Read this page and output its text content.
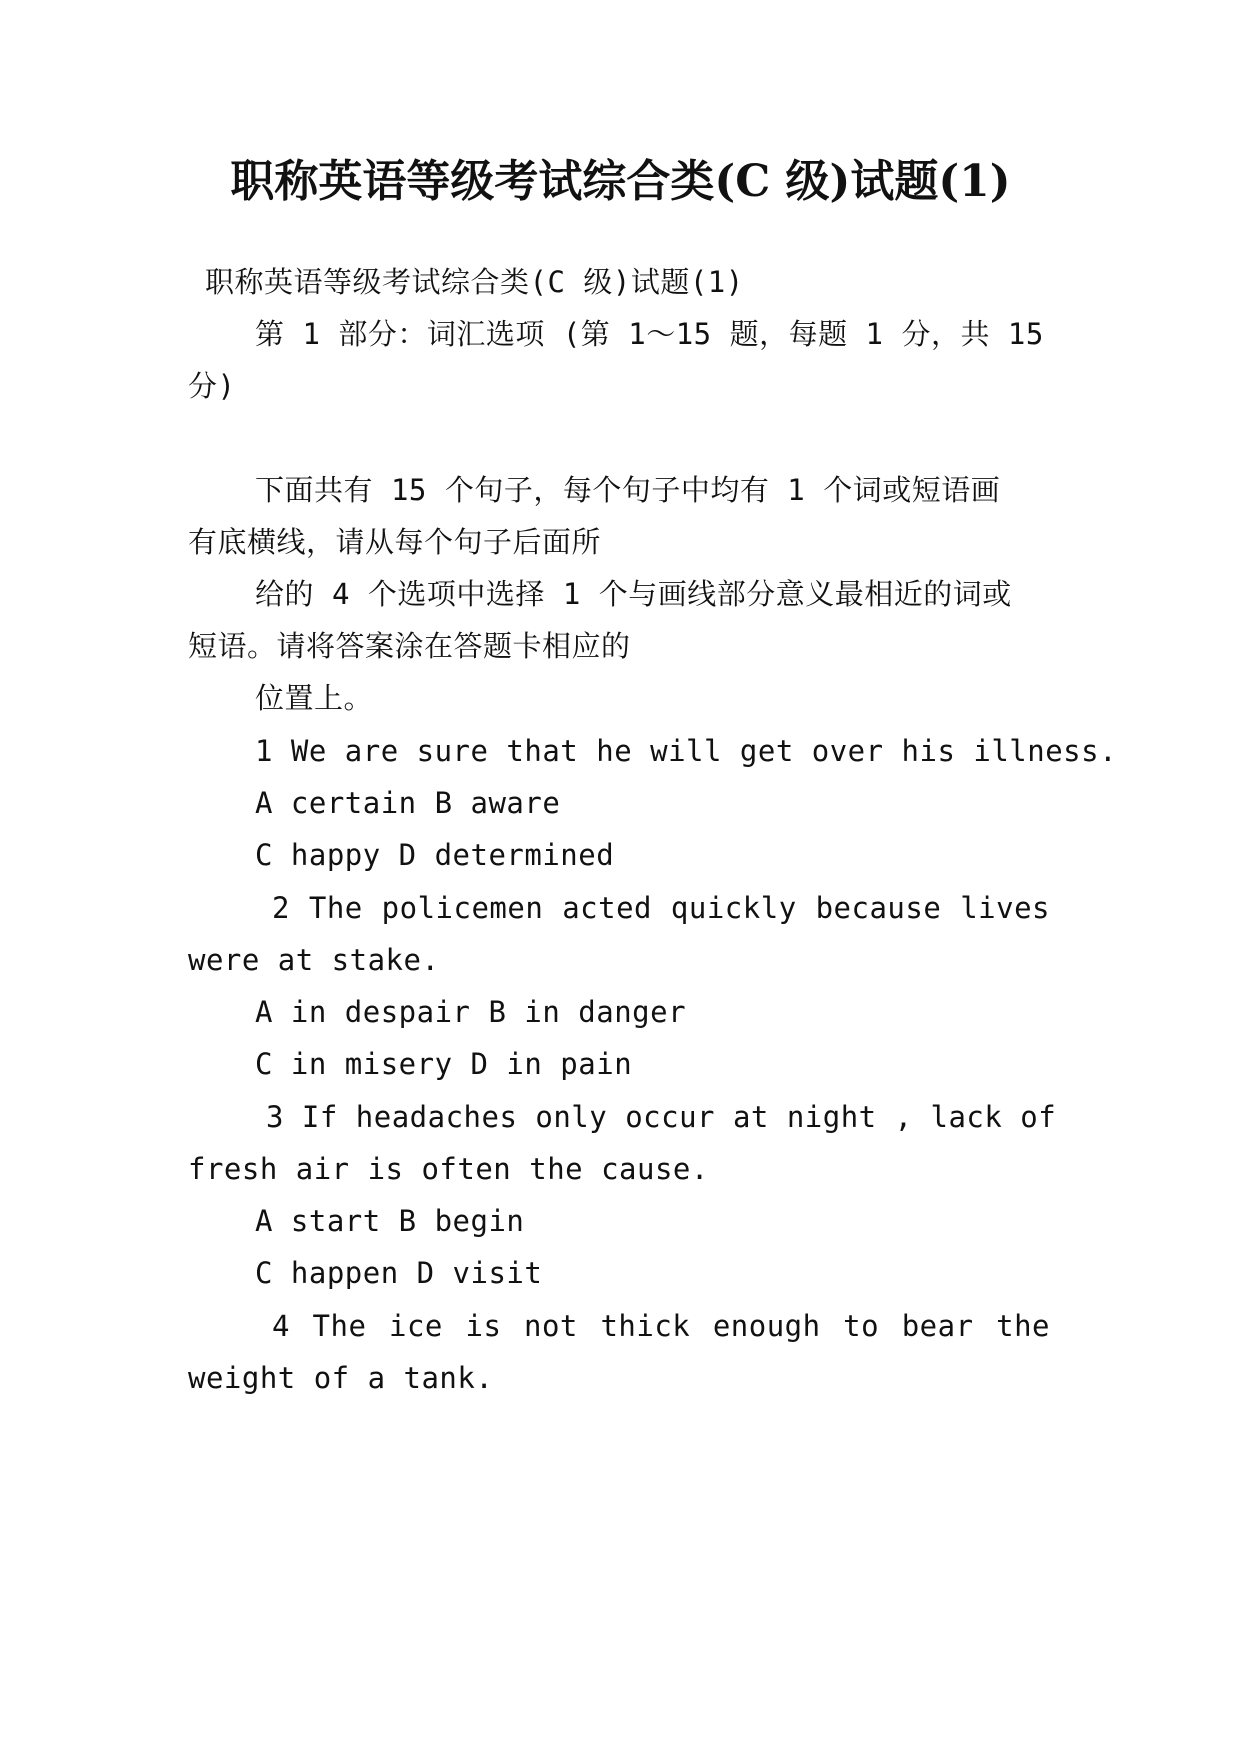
职称英语等级考试综合类(C 级)试题(1)
职称英语等级考试综合类(C 级)试题(1)
第 1 部分：词汇选项 (第 1～15 题，每题 1 分，共 15
分)
下面共有 15 个句子，每个句子中均有 1 个词或短语画
有底横线，请从每个句子后面所
给的 4 个选项中选择 1 个与画线部分意义最相近的词或
短语。请将答案涂在答题卡相应的
位置上。
1 We are sure that he will get over his illness.
A certain B aware
C happy D determined
2 The policemen acted quickly because lives
were at stake.
A in despair B in danger
C in misery D in pain
3 If headaches only occur at night , lack of
fresh air is often the cause.
A start B begin
C happen D visit
4 The ice is not thick enough to bear the
weight of a tank.
